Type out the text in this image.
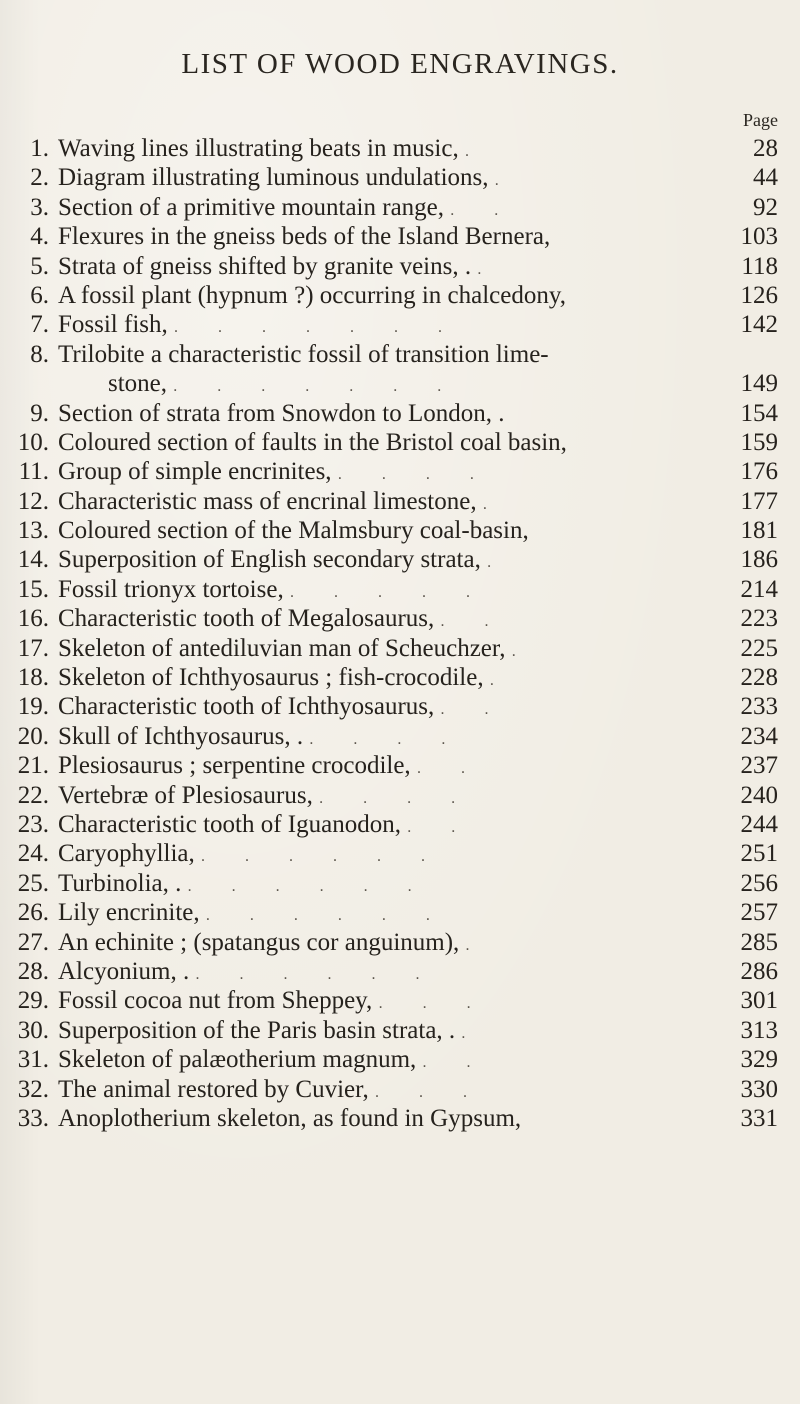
LIST OF WOOD ENGRAVINGS.
Page
1. Waving lines illustrating beats in music, .	28
2. Diagram illustrating luminous undulations, .	44
3. Section of a primitive mountain range, . .	92
4. Flexures in the gneiss beds of the Island Bernera,	103
5. Strata of gneiss shifted by granite veins, . .	118
6. A fossil plant (hypnum ?) occurring in chalcedony,	126
7. Fossil fish, . . . . . . .	142
8. Trilobite a characteristic fossil of transition lime-
stone, . . . . . . .	149
9. Section of strata from Snowdon to London, .	154
10. Coloured section of faults in the Bristol coal basin,	159
11. Group of simple encrinites, . . . .	176
12. Characteristic mass of encrinal limestone, .	177
13. Coloured section of the Malmsbury coal-basin,	181
14. Superposition of English secondary strata, .	186
15. Fossil trionyx tortoise, . . . . .	214
16. Characteristic tooth of Megalosaurus, . .	223
17. Skeleton of antediluvian man of Scheuchzer, .	225
18. Skeleton of Ichthyosaurus ; fish-crocodile, .	228
19. Characteristic tooth of Ichthyosaurus, . .	233
20. Skull of Ichthyosaurus, . . . . .	234
21. Plesiosaurus ; serpentine crocodile, . .	237
22. Vertebræ of Plesiosaurus, . . . .	240
23. Characteristic tooth of Iguanodon, . .	244
24. Caryophyllia, . . . . . .	251
25. Turbinolia, . . . . . . .	256
26. Lily encrinite, . . . . . .	257
27. An echinite ; (spatangus cor anguinum), .	285
28. Alcyonium, . . . . . . .	286
29. Fossil cocoa nut from Sheppey, . . .	301
30. Superposition of the Paris basin strata, . .	313
31. Skeleton of palæotherium magnum, . .	329
32. The animal restored by Cuvier, . . .	330
33. Anoplotherium skeleton, as found in Gypsum,	331
